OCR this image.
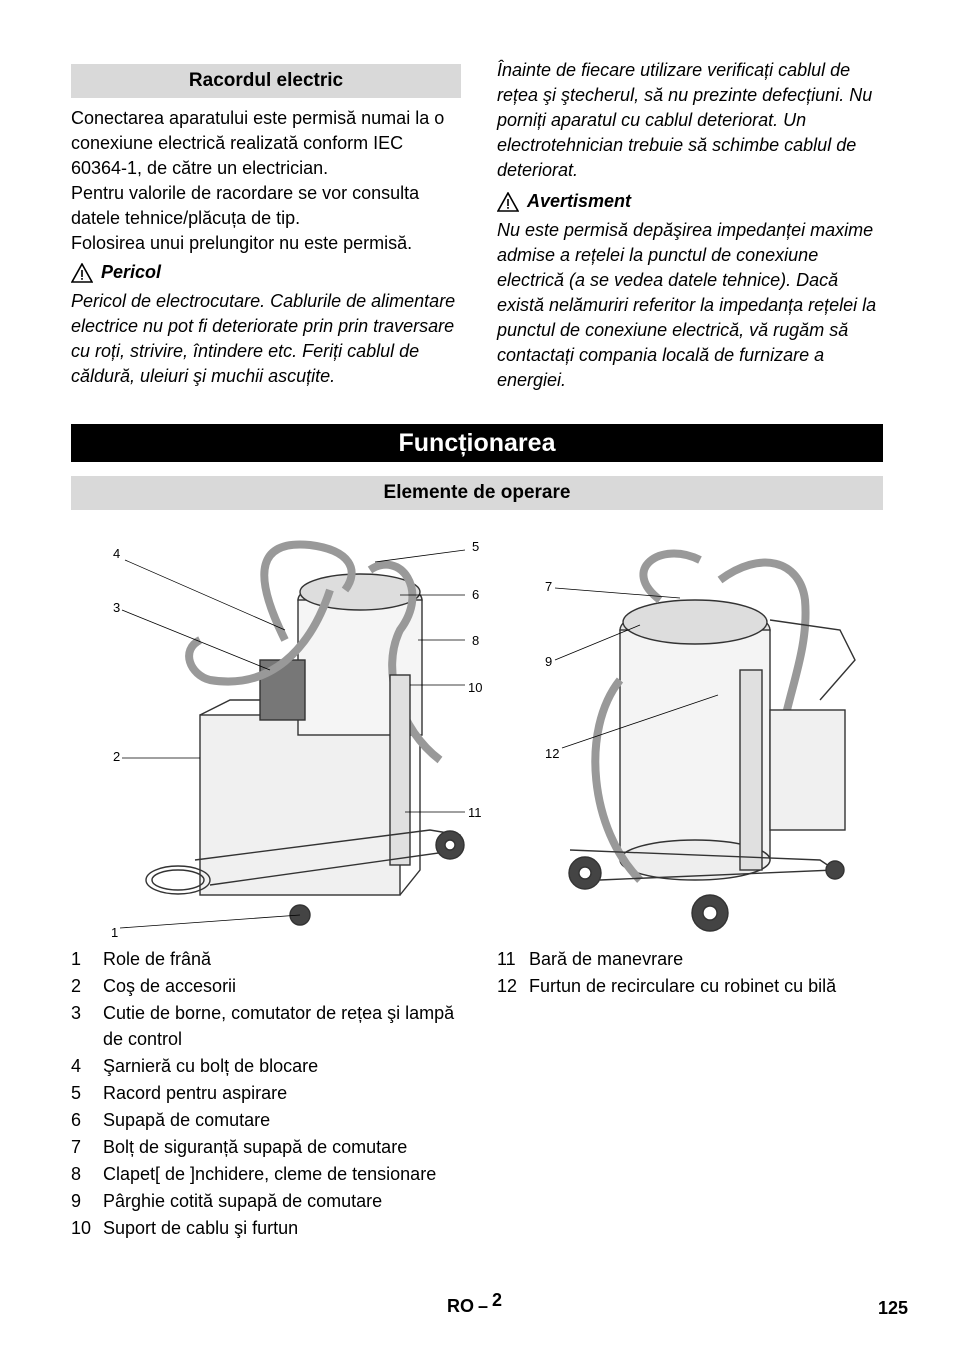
Racordul electric

Conectarea aparatului este permisă numai la o conexiune electrică realizată conform IEC 60364-1, de către un electrician.

Pentru valorile de racordare se vor consulta datele tehnice/plăcuța de tip.

Folosirea unui prelungitor nu este permisă.

Pericol

Pericol de electrocutare. Cablurile de alimentare electrice nu pot fi deteriorate prin prin traversare cu roți, strivire, întindere etc. Feriți cablul de căldură, uleiuri şi muchii ascuțite.

Înainte de fiecare utilizare verificați cablul de rețea şi ştecherul, să nu prezinte defecțiuni. Nu porniți aparatul cu cablul deteriorat. Un electrotehnician trebuie să schimbe cablul de deteriorat.

Avertisment

Nu este permisă depăşirea impedanței maxime admise a rețelei la punctul de conexiune electrică (a se vedea datele tehnice). Dacă există nelămuriri referitor la impedanța rețelei la punctul de conexiune electrică, vă rugăm să contactați compania locală de furnizare a energiei.

Funcționarea
Elemente de operare
4
3
2
1
5
6
8
10
11
7
9
12
1	Role de frână
2	Coş de accesorii
3	Cutie de borne, comutator de rețea şi lampă de control
4	Şarnieră cu bolț de blocare
5	Racord pentru aspirare
6	Supapă de comutare
7	Bolț de siguranță supapă de comutare
8	Clapet[ de ]nchidere, cleme de tensionare
9	Pârghie cotită supapă de comutare
10 Suport de cablu şi furtun
11 Bară de manevrare
12 Furtun de recirculare cu robinet cu bilă
RO – 2	125
